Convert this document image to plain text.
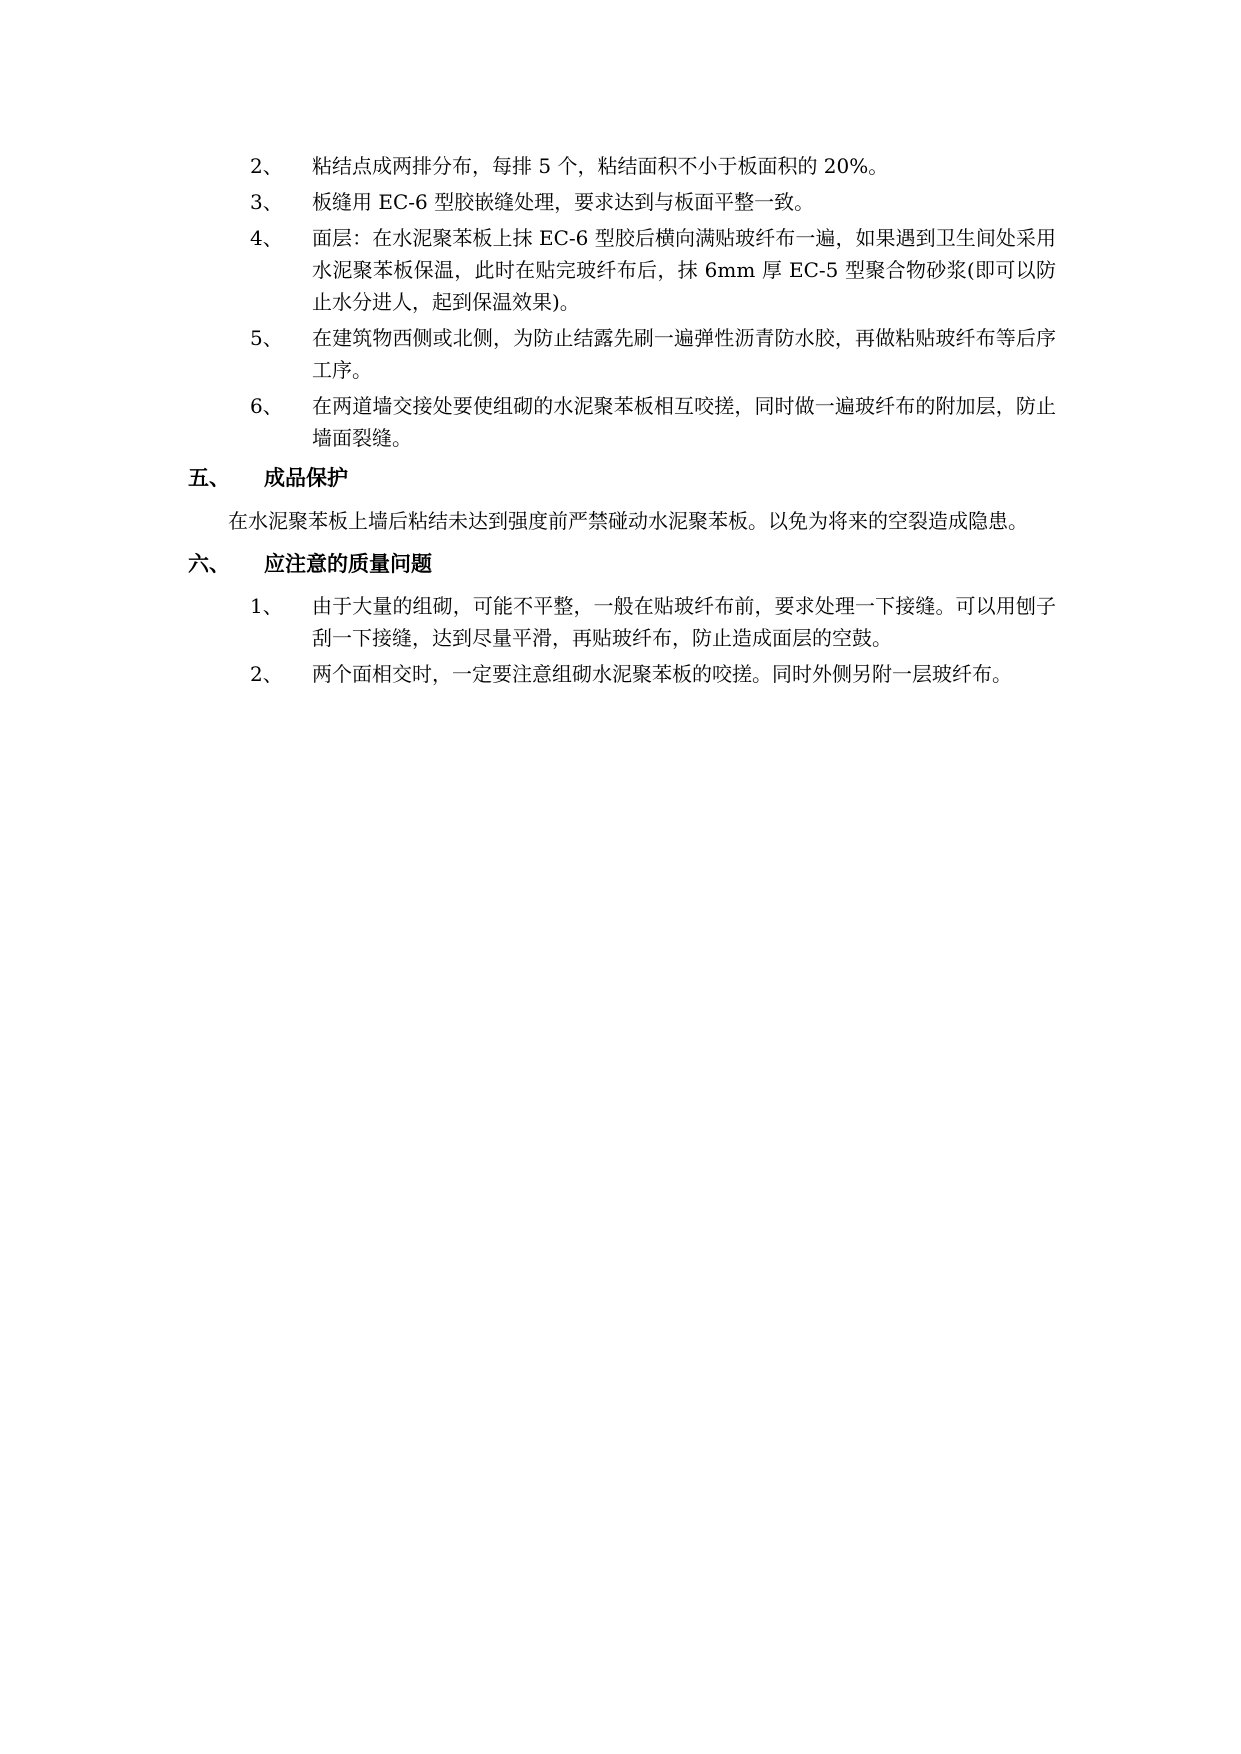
2、	粘结点成两排分布，每排 5 个，粘结面积不小于板面积的 20%。
3、	板缝用 EC-6 型胶嵌缝处理，要求达到与板面平整一致。
4、	面层：在水泥聚苯板上抹 EC-6 型胶后横向满贴玻纤布一遍，如果遇到卫生间处采用水泥聚苯板保温，此时在贴完玻纤布后，抹 6mm 厚 EC-5 型聚合物砂浆(即可以防止水分进人，起到保温效果)。
5、	在建筑物西侧或北侧，为防止结露先刷一遍弹性沥青防水胶，再做粘贴玻纤布等后序工序。
6、	在两道墙交接处要使组砌的水泥聚苯板相互咬搓，同时做一遍玻纤布的附加层，防止墙面裂缝。
五、	成品保护

在水泥聚苯板上墙后粘结未达到强度前严禁碰动水泥聚苯板。以免为将来的空裂造成隐患。

六、	应注意的质量问题
1、	由于大量的组砌，可能不平整，一般在贴玻纤布前，要求处理一下接缝。可以用刨子刮一下接缝，达到尽量平滑，再贴玻纤布，防止造成面层的空鼓。
2、	两个面相交时，一定要注意组砌水泥聚苯板的咬搓。同时外侧另附一层玻纤布。
